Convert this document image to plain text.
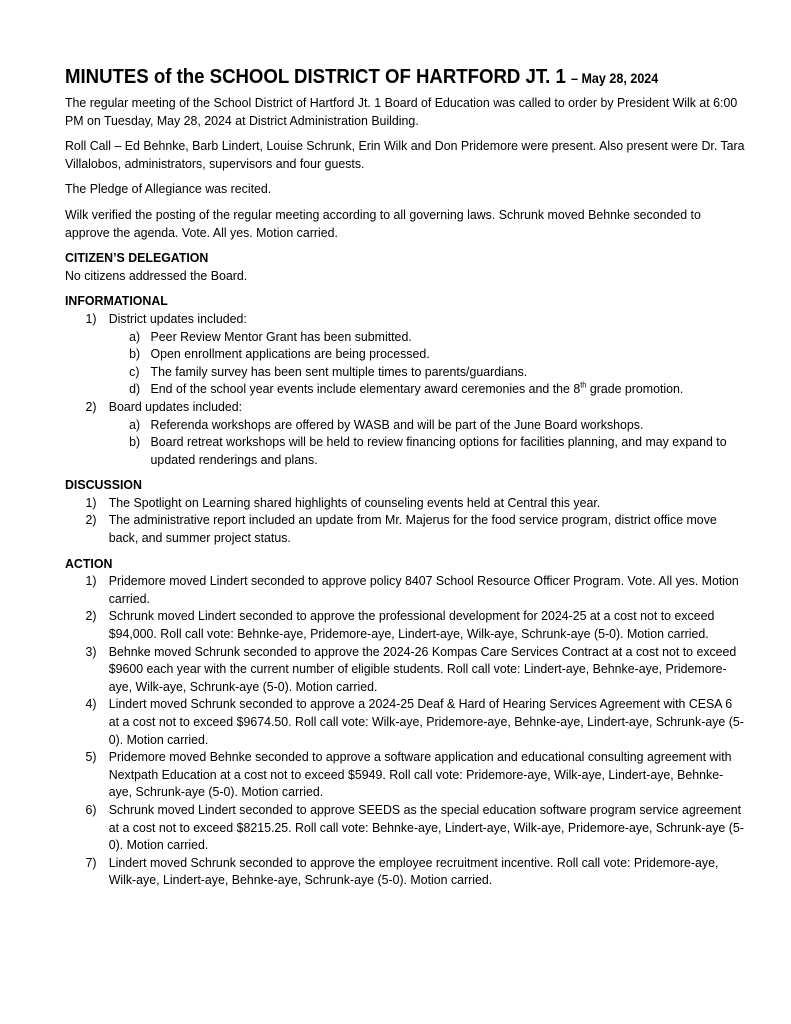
MINUTES of the SCHOOL DISTRICT OF HARTFORD JT. 1 – May 28, 2024

The regular meeting of the School District of Hartford Jt. 1 Board of Education was called to order by President Wilk at 6:00 PM on Tuesday, May 28, 2024 at District Administration Building.

Roll Call – Ed Behnke, Barb Lindert, Louise Schrunk, Erin Wilk and Don Pridemore were present. Also present were Dr. Tara Villalobos, administrators, supervisors and four guests.

The Pledge of Allegiance was recited.

Wilk verified the posting of the regular meeting according to all governing laws. Schrunk moved Behnke seconded to approve the agenda. Vote. All yes. Motion carried.

CITIZEN’S DELEGATION
No citizens addressed the Board.
INFORMATIONAL
1) District updates included:
a) Peer Review Mentor Grant has been submitted.
b) Open enrollment applications are being processed.
c) The family survey has been sent multiple times to parents/guardians.
d) End of the school year events include elementary award ceremonies and the 8th grade promotion.
2) Board updates included:
a) Referenda workshops are offered by WASB and will be part of the June Board workshops.
b) Board retreat workshops will be held to review financing options for facilities planning, and may expand to updated renderings and plans.
DISCUSSION
1) The Spotlight on Learning shared highlights of counseling events held at Central this year.
2) The administrative report included an update from Mr. Majerus for the food service program, district office move back, and summer project status.
ACTION
1) Pridemore moved Lindert seconded to approve policy 8407 School Resource Officer Program. Vote. All yes. Motion carried.
2) Schrunk moved Lindert seconded to approve the professional development for 2024-25 at a cost not to exceed $94,000. Roll call vote: Behnke-aye, Pridemore-aye, Lindert-aye, Wilk-aye, Schrunk-aye (5-0). Motion carried.
3) Behnke moved Schrunk seconded to approve the 2024-26 Kompas Care Services Contract at a cost not to exceed $9600 each year with the current number of eligible students. Roll call vote: Lindert-aye, Behnke-aye, Pridemore-aye, Wilk-aye, Schrunk-aye (5-0). Motion carried.
4) Lindert moved Schrunk seconded to approve a 2024-25 Deaf & Hard of Hearing Services Agreement with CESA 6 at a cost not to exceed $9674.50. Roll call vote: Wilk-aye, Pridemore-aye, Behnke-aye, Lindert-aye, Schrunk-aye (5-0). Motion carried.
5) Pridemore moved Behnke seconded to approve a software application and educational consulting agreement with Nextpath Education at a cost not to exceed $5949. Roll call vote: Pridemore-aye, Wilk-aye, Lindert-aye, Behnke-aye, Schrunk-aye (5-0). Motion carried.
6) Schrunk moved Lindert seconded to approve SEEDS as the special education software program service agreement at a cost not to exceed $8215.25. Roll call vote: Behnke-aye, Lindert-aye, Wilk-aye, Pridemore-aye, Schrunk-aye (5-0). Motion carried.
7) Lindert moved Schrunk seconded to approve the employee recruitment incentive. Roll call vote: Pridemore-aye, Wilk-aye, Lindert-aye, Behnke-aye, Schrunk-aye (5-0). Motion carried.
